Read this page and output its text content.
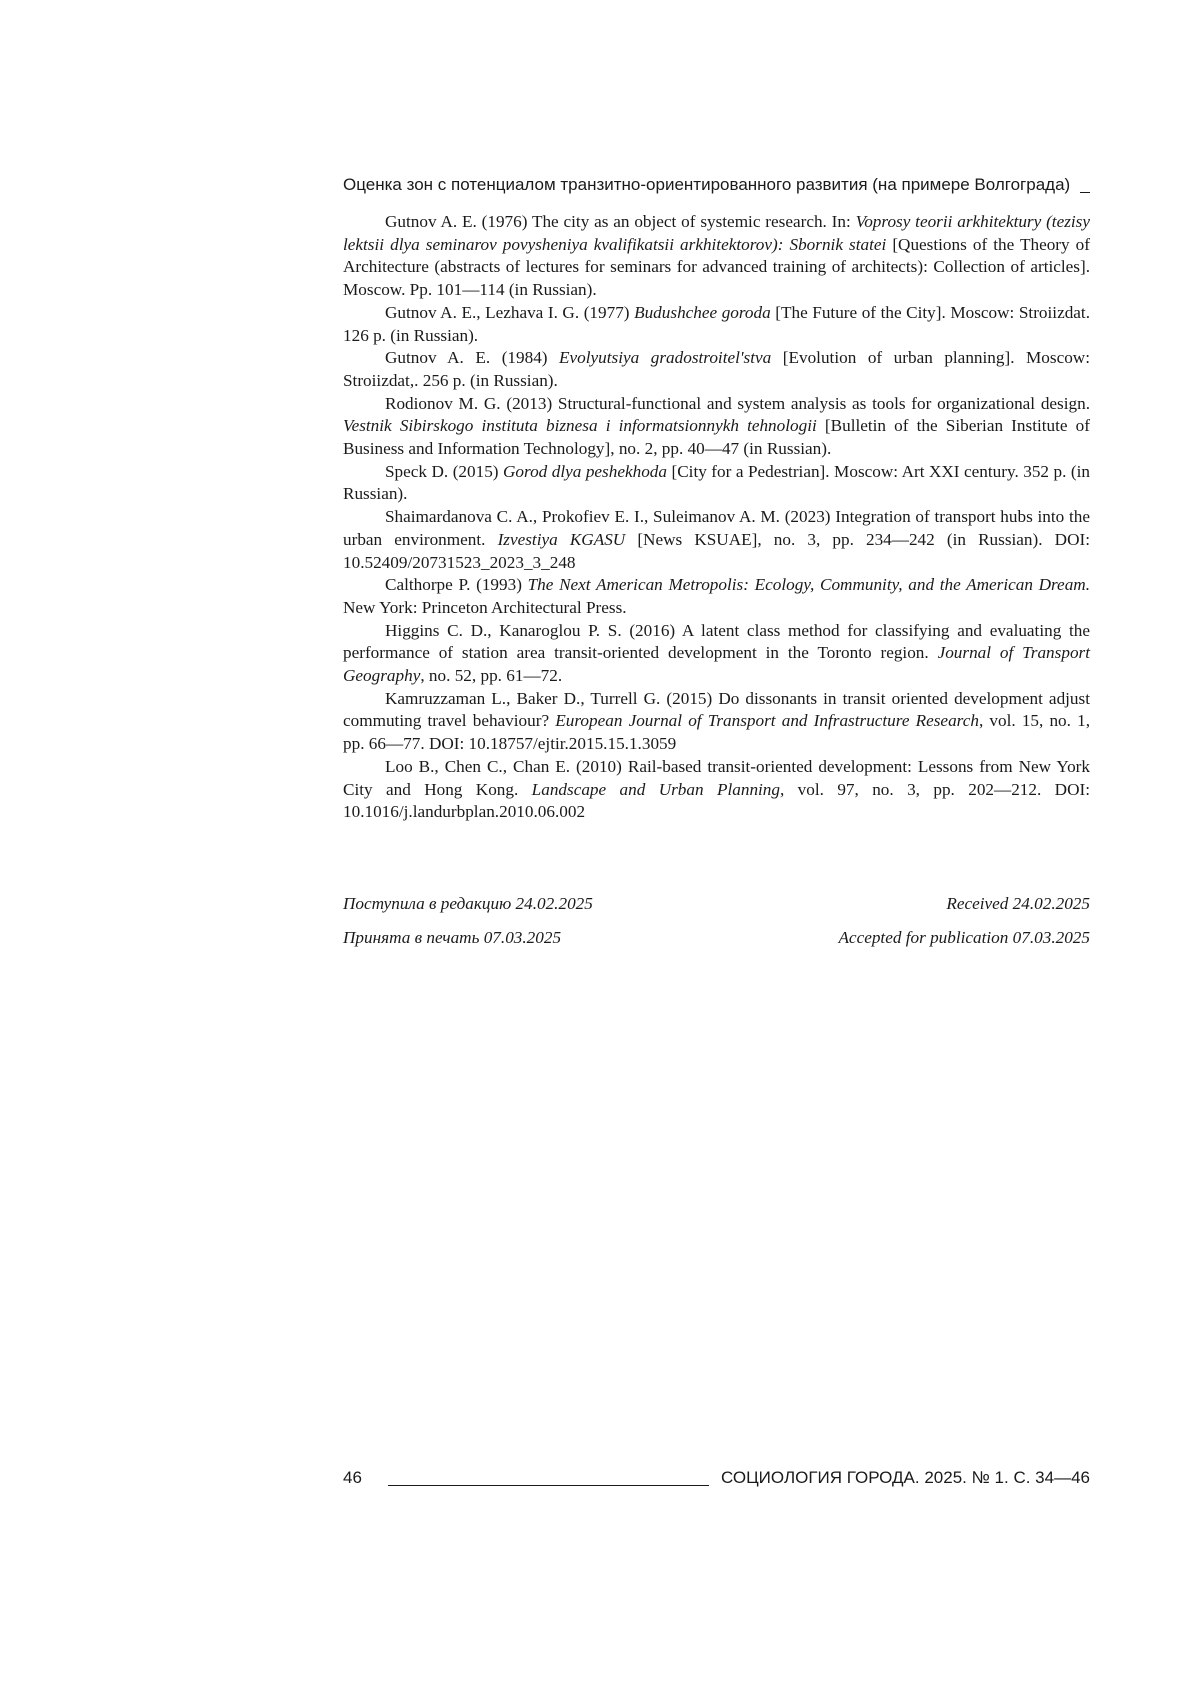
Оценка зон с потенциалом транзитно-ориентированного развития (на примере Волгограда)

Gutnov A. E. (1976) The city as an object of systemic research. In: Voprosy teorii arkhitektury (tezisy lektsii dlya seminarov povysheniya kvalifikatsii arkhitektorov): Sbornik statei [Questions of the Theory of Architecture (abstracts of lectures for seminars for advanced training of architects): Collection of articles]. Moscow. Pp. 101—114 (in Russian).

Gutnov A. E., Lezhava I. G. (1977) Budushchee goroda [The Future of the City]. Moscow: Stroiizdat. 126 p. (in Russian).

Gutnov A. E. (1984) Evolyutsiya gradostroitel'stva [Evolution of urban planning]. Moscow: Stroiizdat,. 256 p. (in Russian).

Rodionov M. G. (2013) Structural-functional and system analysis as tools for organizational design. Vestnik Sibirskogo instituta biznesa i informatsionnykh tehnologii [Bulletin of the Siberian Institute of Business and Information Technology], no. 2, pp. 40—47 (in Russian).

Speck D. (2015) Gorod dlya peshekhoda [City for a Pedestrian]. Moscow: Art XXI century. 352 p. (in Russian).

Shaimardanova C. A., Prokofiev E. I., Suleimanov A. M. (2023) Integration of transport hubs into the urban environment. Izvestiya KGASU [News KSUAE], no. 3, pp. 234—242 (in Russian). DOI: 10.52409/20731523_2023_3_248

Calthorpe P. (1993) The Next American Metropolis: Ecology, Community, and the American Dream. New York: Princeton Architectural Press.

Higgins C. D., Kanaroglou P. S. (2016) A latent class method for classifying and evaluating the performance of station area transit-oriented development in the Toronto region. Journal of Transport Geography, no. 52, pp. 61—72.

Kamruzzaman L., Baker D., Turrell G. (2015) Do dissonants in transit oriented development adjust commuting travel behaviour? European Journal of Transport and Infrastructure Research, vol. 15, no. 1, pp. 66—77. DOI: 10.18757/ejtir.2015.15.1.3059

Loo B., Chen C., Chan E. (2010) Rail-based transit-oriented development: Lessons from New York City and Hong Kong. Landscape and Urban Planning, vol. 97, no. 3, pp. 202—212. DOI: 10.1016/j.landurbplan.2010.06.002

Поступила в редакцию 24.02.2025	Received 24.02.2025
Принята в печать 07.03.2025	Accepted for publication 07.03.2025
46	СОЦИОЛОГИЯ ГОРОДА. 2025. № 1. С. 34—46
